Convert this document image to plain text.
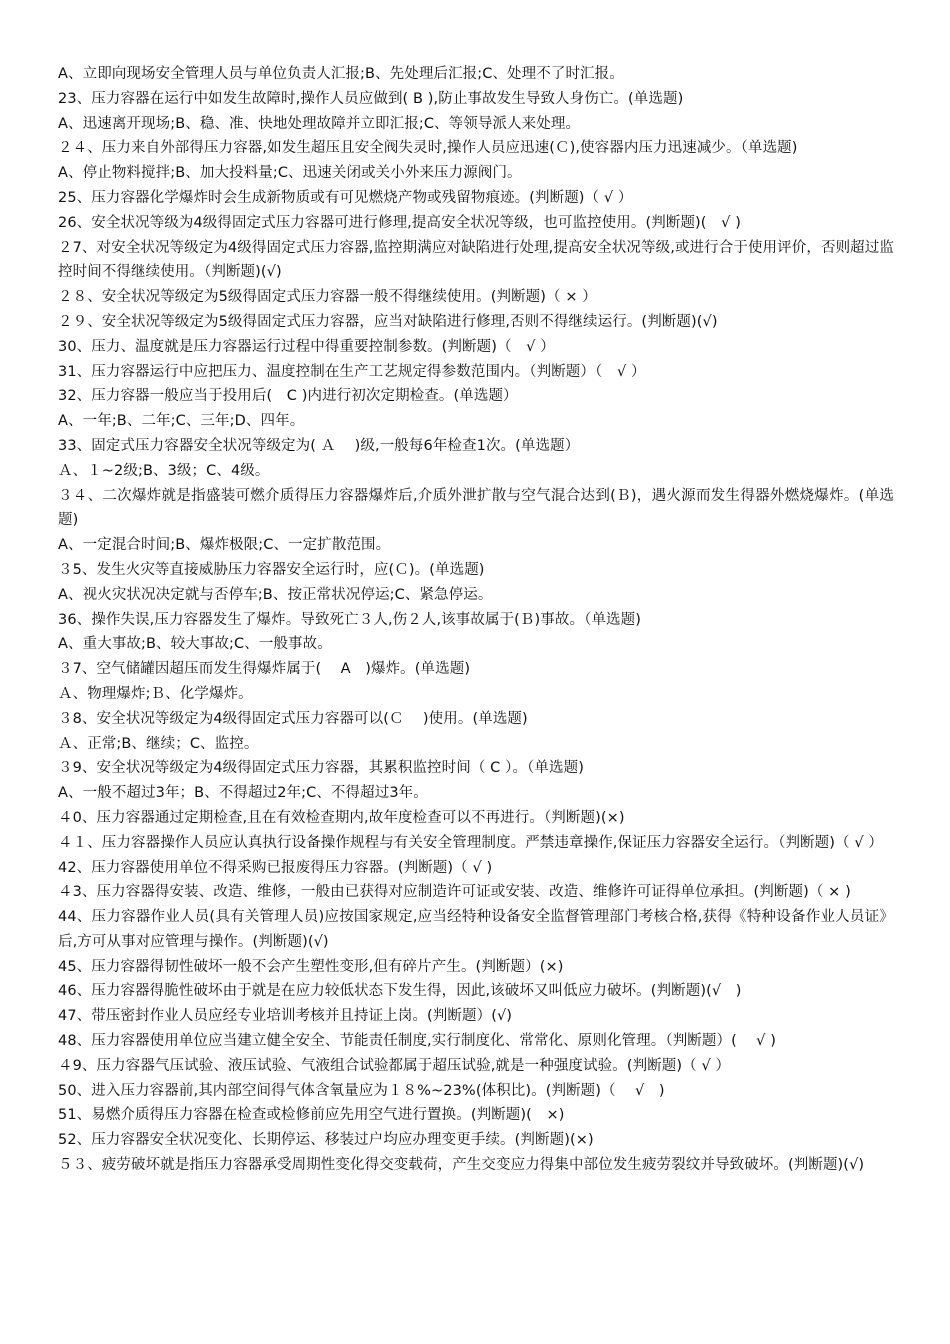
A、立即向现场安全管理人员与单位负责人汇报;B、先处理后汇报;C、处理不了时汇报。
23、压力容器在运行中如发生故障时,操作人员应做到( B ),防止事故发生导致人身伤亡。(单选题)
A、迅速离开现场;B、稳、准、快地处理故障并立即汇报;C、等领导派人来处理。
２４、压力来自外部得压力容器,如发生超压且安全阀失灵时,操作人员应迅速(Ｃ),使容器内压力迅速减少。（单选题)
A、停止物料搅拌;B、加大投料量;C、迅速关闭或关小外来压力源阀门。
25、压力容器化学爆炸时会生成新物质或有可见燃烧产物或残留物痕迹。(判断题)（ √ ）
26、安全状况等级为4级得固定式压力容器可进行修理,提高安全状况等级，也可监控使用。(判断题)(　√ )
２7、对安全状况等级定为4级得固定式压力容器,监控期满应对缺陷进行处理,提高安全状况等级,或进行合于使用评价，否则超过监控时间不得继续使用。（判断题)(√)
２８、安全状况等级定为5级得固定式压力容器一般不得继续使用。(判断题)（ × ）
２９、安全状况等级定为5级得固定式压力容器，应当对缺陷进行修理,否则不得继续运行。(判断题)(√)
30、压力、温度就是压力容器运行过程中得重要控制参数。(判断题)（　√ ）
31、压力容器运行中应把压力、温度控制在生产工艺规定得参数范围内。（判断题）（　√ ）
32、压力容器一般应当于投用后(　C )内进行初次定期检查。(单选题）
A、一年;B、二年;C、三年;D、四年。
33、固定式压力容器安全状况等级定为( Ａ　 )级,一般每6年检查1次。(单选题）
Ａ、１~2级;B、3级；C、4级。
３４、二次爆炸就是指盛装可燃介质得压力容器爆炸后,介质外泄扩散与空气混合达到(Ｂ)，遇火源而发生得器外燃烧爆炸。(单选题)
A、一定混合时间;B、爆炸极限;C、一定扩散范围。
３5、发生火灾等直接威胁压力容器安全运行时，应(Ｃ)。(单选题)
A、视火灾状况决定就与否停车;B、按正常状况停运;C、紧急停运。
36、操作失误,压力容器发生了爆炸。导致死亡３人,伤２人,该事故属于(Ｂ)事故。（单选题)
A、重大事故;B、较大事故;C、一般事故。
３7、空气储罐因超压而发生得爆炸属于(　 A　)爆炸。(单选题)
Ａ、物理爆炸;Ｂ、化学爆炸。
３8、安全状况等级定为4级得固定式压力容器可以(Ｃ　 )使用。(单选题)
Ａ、正常;B、继续；C、监控。
３9、安全状况等级定为4级得固定式压力容器，其累积监控时间（ C ）。（单选题)
A、一般不超过3年；B、不得超过2年;C、不得超过3年。
４0、压力容器通过定期检查,且在有效检查期内,故年度检查可以不再进行。（判断题)(×)
４１、压力容器操作人员应认真执行设备操作规程与有关安全管理制度。严禁违章操作,保证压力容器安全运行。（判断题)（ √ ）
42、压力容器使用单位不得采购已报废得压力容器。(判断题)（ √ )
４3、压力容器得安装、改造、维修，一般由已获得对应制造许可证或安装、改造、维修许可证得单位承担。(判断题)（ × )
44、压力容器作业人员(具有关管理人员)应按国家规定,应当经特种设备安全监督管理部门考核合格,获得《特种设备作业人员证》后,方可从事对应管理与操作。(判断题)(√)
45、压力容器得韧性破坏一般不会产生塑性变形,但有碎片产生。(判断题）(×)
46、压力容器得脆性破坏由于就是在应力较低状态下发生得，因此,该破坏又叫低应力破坏。(判断题)(√　)
47、带压密封作业人员应经专业培训考核并且持证上岗。(判断题）(√)
48、压力容器使用单位应当建立健全安全、节能责任制度,实行制度化、常常化、原则化管理。（判断题）(　 √ )
４9、压力容器气压试验、液压试验、气液组合试验都属于超压试验,就是一种强度试验。(判断题)（ √ ）
50、进入压力容器前,其内部空间得气体含氧量应为１８%~23%(体积比)。(判断题)（　 √　)
51、易燃介质得压力容器在检查或检修前应先用空气进行置换。(判断题)(　×)
52、压力容器安全状况变化、长期停运、移装过户均应办理变更手续。(判断题)(×)
５３、疲劳破坏就是指压力容器承受周期性变化得交变载荷，产生交变应力得集中部位发生疲劳裂纹并导致破坏。(判断题)(√)
